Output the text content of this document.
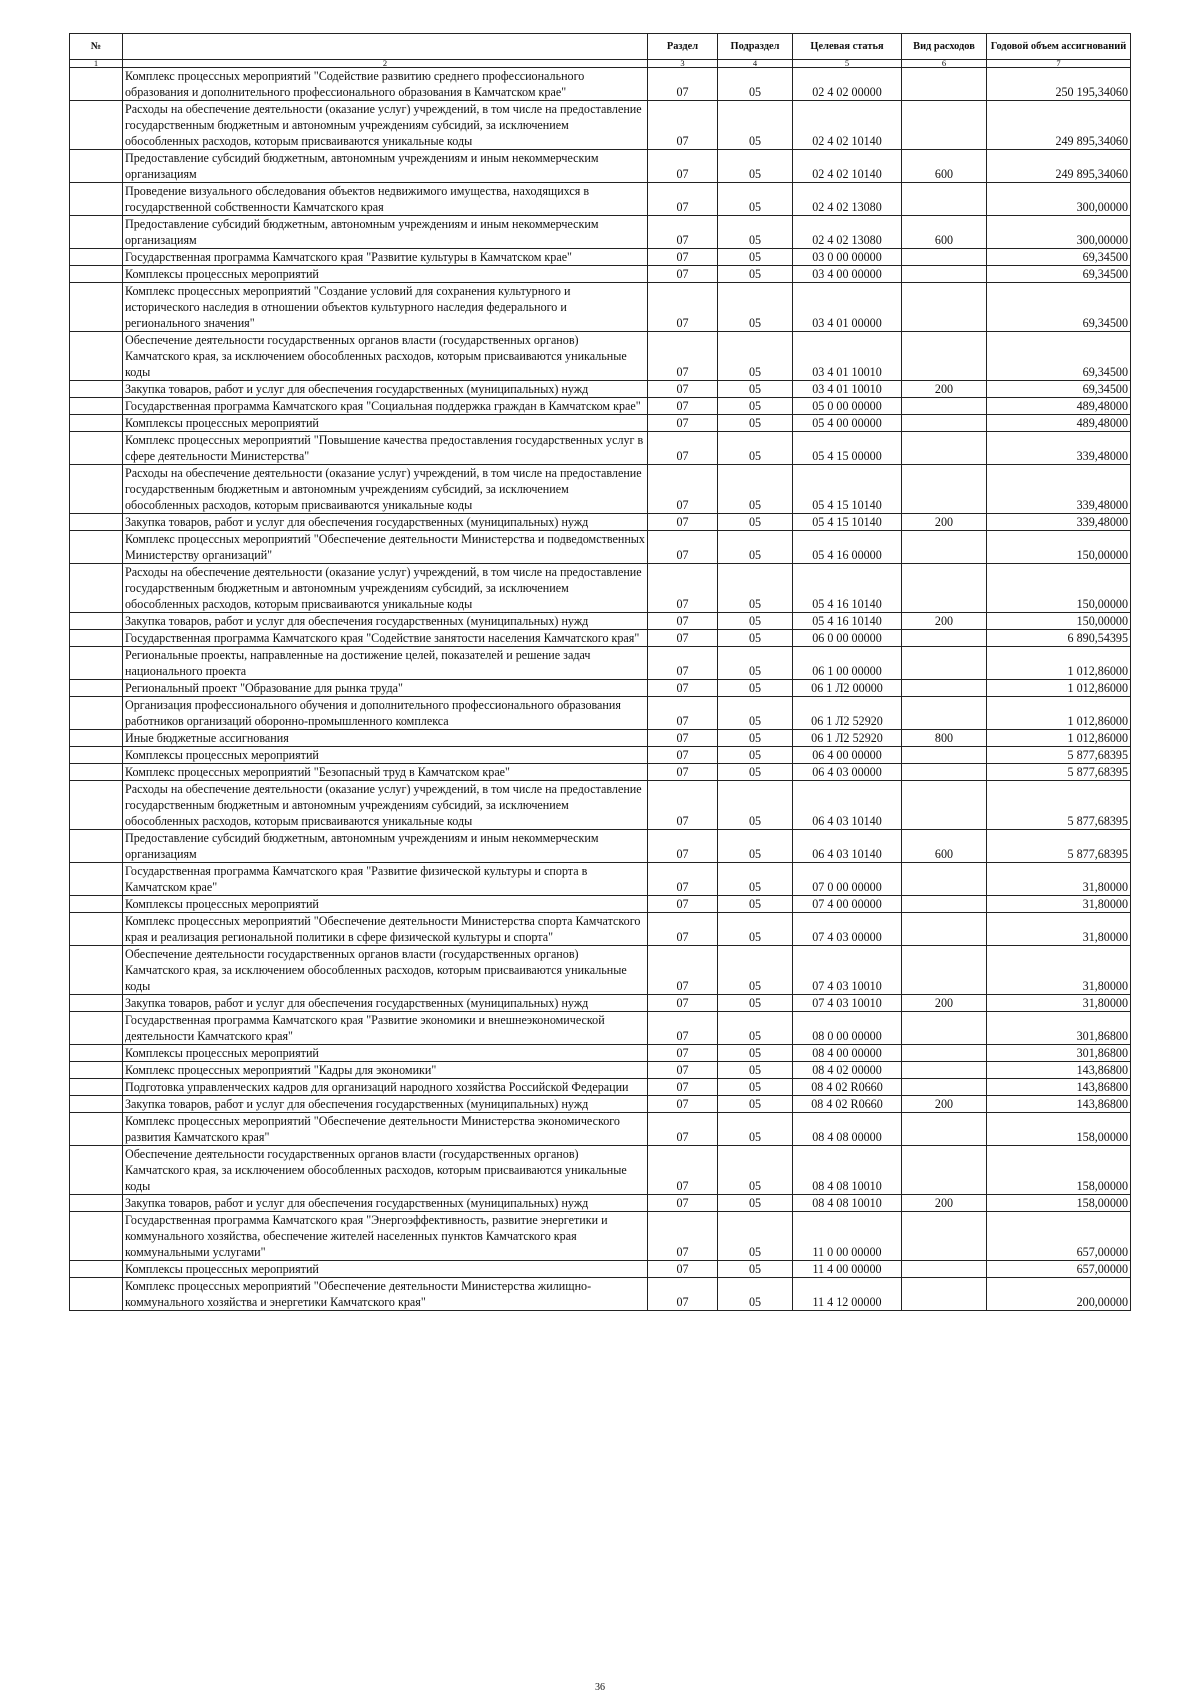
№		Раздел	Подраздел	Целевая статья	Вид расходов	Годовой объем ассигнований
1	2	3	4	5	6	7
	Комплекс процессных мероприятий "Содействие развитию среднего профессионального образования и дополнительного профессионального образования в Камчатском крае"	07	05	02 4 02 00000		250 195,34060
	Расходы на обеспечение деятельности (оказание услуг) учреждений, в том числе на предоставление государственным бюджетным и автономным учреждениям субсидий, за исключением обособленных расходов, которым присваиваются уникальные коды	07	05	02 4 02 10140		249 895,34060
	Предоставление субсидий бюджетным, автономным учреждениям и иным некоммерческим организациям	07	05	02 4 02 10140	600	249 895,34060
	Проведение визуального обследования объектов недвижимого имущества, находящихся в государственной собственности Камчатского края	07	05	02 4 02 13080		300,00000
	Предоставление субсидий бюджетным, автономным учреждениям и иным некоммерческим организациям	07	05	02 4 02 13080	600	300,00000
	Государственная программа Камчатского края "Развитие культуры в Камчатском крае"	07	05	03 0 00 00000		69,34500
	Комплексы процессных мероприятий	07	05	03 4 00 00000		69,34500
	Комплекс процессных мероприятий "Создание условий для сохранения культурного и исторического наследия в отношении объектов культурного наследия федерального и регионального значения"	07	05	03 4 01 00000		69,34500
	Обеспечение деятельности государственных органов власти (государственных органов) Камчатского края, за исключением обособленных расходов, которым присваиваются уникальные коды	07	05	03 4 01 10010		69,34500
	Закупка товаров, работ и услуг для обеспечения государственных (муниципальных) нужд	07	05	03 4 01 10010	200	69,34500
	Государственная программа Камчатского края "Социальная поддержка граждан в Камчатском крае"	07	05	05 0 00 00000		489,48000
	Комплексы процессных мероприятий	07	05	05 4 00 00000		489,48000
	Комплекс процессных мероприятий "Повышение качества предоставления государственных услуг в сфере деятельности Министерства"	07	05	05 4 15 00000		339,48000
	Расходы на обеспечение деятельности (оказание услуг) учреждений, в том числе на предоставление государственным бюджетным и автономным учреждениям субсидий, за исключением обособленных расходов, которым присваиваются уникальные коды	07	05	05 4 15 10140		339,48000
	Закупка товаров, работ и услуг для обеспечения государственных (муниципальных) нужд	07	05	05 4 15 10140	200	339,48000
	Комплекс процессных мероприятий "Обеспечение деятельности Министерства и подведомственных Министерству организаций"	07	05	05 4 16 00000		150,00000
	Расходы на обеспечение деятельности (оказание услуг) учреждений, в том числе на предоставление государственным бюджетным и автономным учреждениям субсидий, за исключением обособленных расходов, которым присваиваются уникальные коды	07	05	05 4 16 10140		150,00000
	Закупка товаров, работ и услуг для обеспечения государственных (муниципальных) нужд	07	05	05 4 16 10140	200	150,00000
	Государственная программа Камчатского края "Содействие занятости населения Камчатского края"	07	05	06 0 00 00000		6 890,54395
	Региональные проекты, направленные на достижение целей, показателей и решение задач национального проекта	07	05	06 1 00 00000		1 012,86000
	Региональный проект "Образование для рынка труда"	07	05	06 1 Л2 00000		1 012,86000
	Организация профессионального обучения и дополнительного профессионального образования работников организаций оборонно-промышленного комплекса	07	05	06 1 Л2 52920		1 012,86000
	Иные бюджетные ассигнования	07	05	06 1 Л2 52920	800	1 012,86000
	Комплексы процессных мероприятий	07	05	06 4 00 00000		5 877,68395
	Комплекс процессных мероприятий "Безопасный труд в Камчатском крае"	07	05	06 4 03 00000		5 877,68395
	Расходы на обеспечение деятельности (оказание услуг) учреждений, в том числе на предоставление государственным бюджетным и автономным учреждениям субсидий, за исключением обособленных расходов, которым присваиваются уникальные коды	07	05	06 4 03 10140		5 877,68395
	Предоставление субсидий бюджетным, автономным учреждениям и иным некоммерческим организациям	07	05	06 4 03 10140	600	5 877,68395
	Государственная программа Камчатского края "Развитие физической культуры и спорта в Камчатском крае"	07	05	07 0 00 00000		31,80000
	Комплексы процессных мероприятий	07	05	07 4 00 00000		31,80000
	Комплекс процессных мероприятий "Обеспечение деятельности Министерства спорта Камчатского края и реализация региональной политики в сфере физической культуры и спорта"	07	05	07 4 03 00000		31,80000
	Обеспечение деятельности государственных органов власти (государственных органов) Камчатского края, за исключением обособленных расходов, которым присваиваются уникальные коды	07	05	07 4 03 10010		31,80000
	Закупка товаров, работ и услуг для обеспечения государственных (муниципальных) нужд	07	05	07 4 03 10010	200	31,80000
	Государственная программа Камчатского края "Развитие экономики и внешнеэкономической деятельности Камчатского края"	07	05	08 0 00 00000		301,86800
	Комплексы процессных мероприятий	07	05	08 4 00 00000		301,86800
	Комплекс процессных мероприятий "Кадры для экономики"	07	05	08 4 02 00000		143,86800
	Подготовка управленческих кадров для организаций народного хозяйства Российской Федерации	07	05	08 4 02 R0660		143,86800
	Закупка товаров, работ и услуг для обеспечения государственных (муниципальных) нужд	07	05	08 4 02 R0660	200	143,86800
	Комплекс процессных мероприятий "Обеспечение деятельности Министерства экономического развития Камчатского края"	07	05	08 4 08 00000		158,00000
	Обеспечение деятельности государственных органов власти (государственных органов) Камчатского края, за исключением обособленных расходов, которым присваиваются уникальные коды	07	05	08 4 08 10010		158,00000
	Закупка товаров, работ и услуг для обеспечения государственных (муниципальных) нужд	07	05	08 4 08 10010	200	158,00000
	Государственная программа Камчатского края "Энергоэффективность, развитие энергетики и коммунального хозяйства, обеспечение жителей населенных пунктов Камчатского края коммунальными услугами"	07	05	11 0 00 00000		657,00000
	Комплексы процессных мероприятий	07	05	11 4 00 00000		657,00000
	Комплекс процессных мероприятий "Обеспечение деятельности Министерства жилищно-коммунального хозяйства и энергетики Камчатского края"	07	05	11 4 12 00000		200,00000
36
